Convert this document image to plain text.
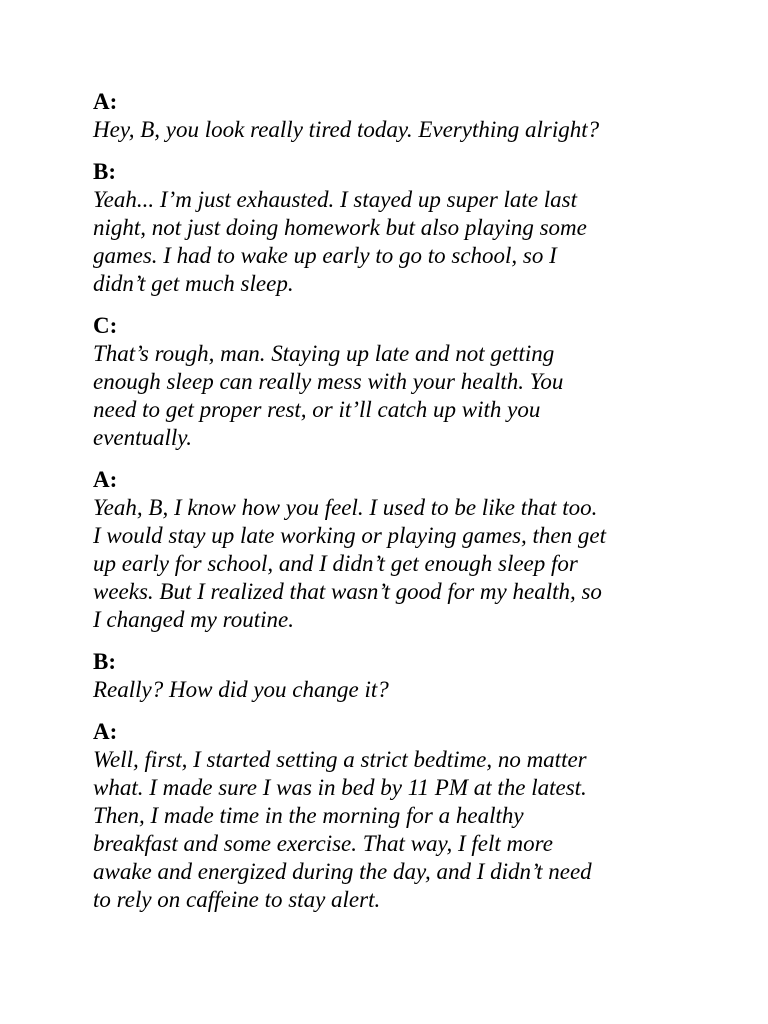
A:
Hey, B, you look really tired today. Everything alright?
B:
Yeah... I’m just exhausted. I stayed up super late last
night, not just doing homework but also playing some
games. I had to wake up early to go to school, so I
didn’t get much sleep.
C:
That’s rough, man. Staying up late and not getting
enough sleep can really mess with your health. You
need to get proper rest, or it’ll catch up with you
eventually.
A:
Yeah, B, I know how you feel. I used to be like that too.
I would stay up late working or playing games, then get
up early for school, and I didn’t get enough sleep for
weeks. But I realized that wasn’t good for my health, so
I changed my routine.
B:
Really? How did you change it?
A:
Well, first, I started setting a strict bedtime, no matter
what. I made sure I was in bed by 11 PM at the latest.
Then, I made time in the morning for a healthy
breakfast and some exercise. That way, I felt more
awake and energized during the day, and I didn’t need
to rely on caffeine to stay alert.
